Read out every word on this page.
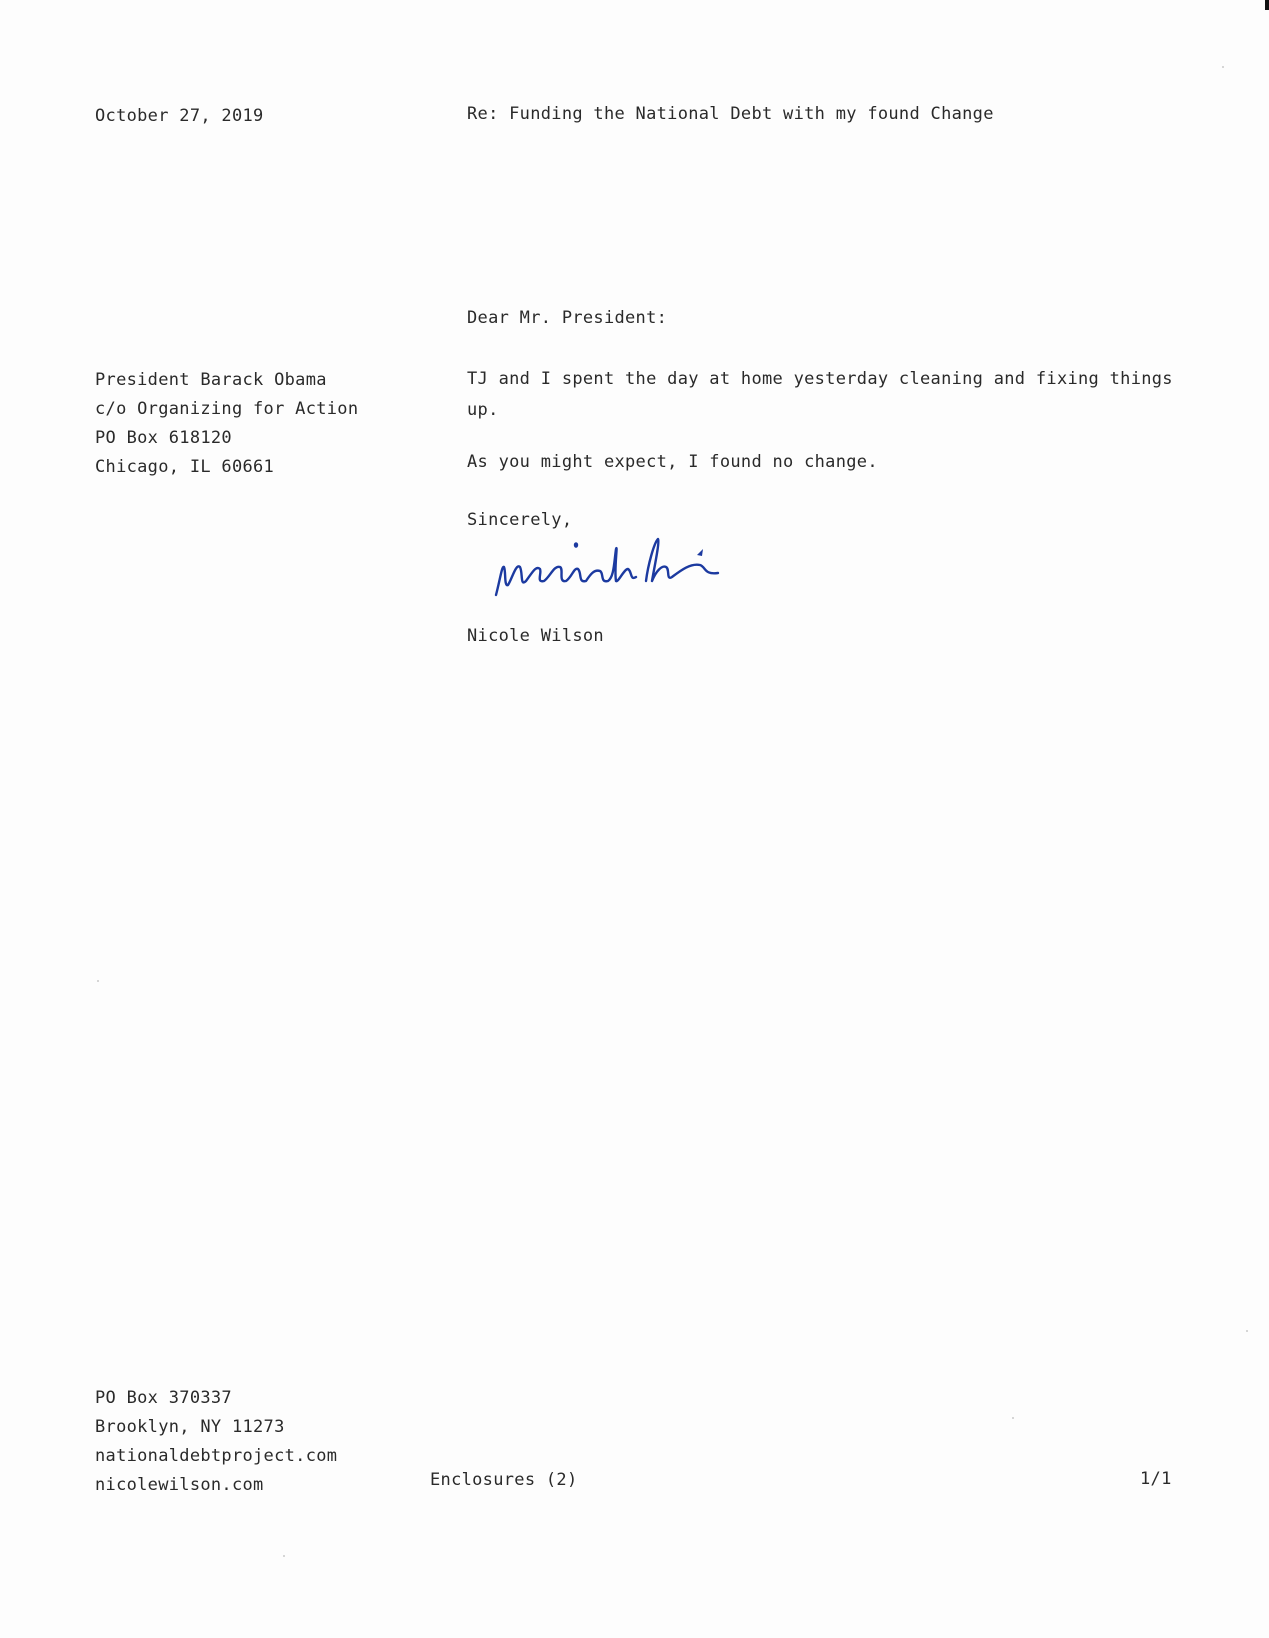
October 27, 2019	Re: Funding the National Debt with my found Change
Dear Mr. President:
President Barack Obama
c/o Organizing for Action
PO Box 618120
Chicago, IL 60661
TJ and I spent the day at home yesterday cleaning and fixing things up.
As you might expect, I found no change.
Sincerely,
Nicole Wilson
PO Box 370337
Brooklyn, NY 11273
nationaldebtproject.com
nicolewilson.com	Enclosures (2)	1/1
